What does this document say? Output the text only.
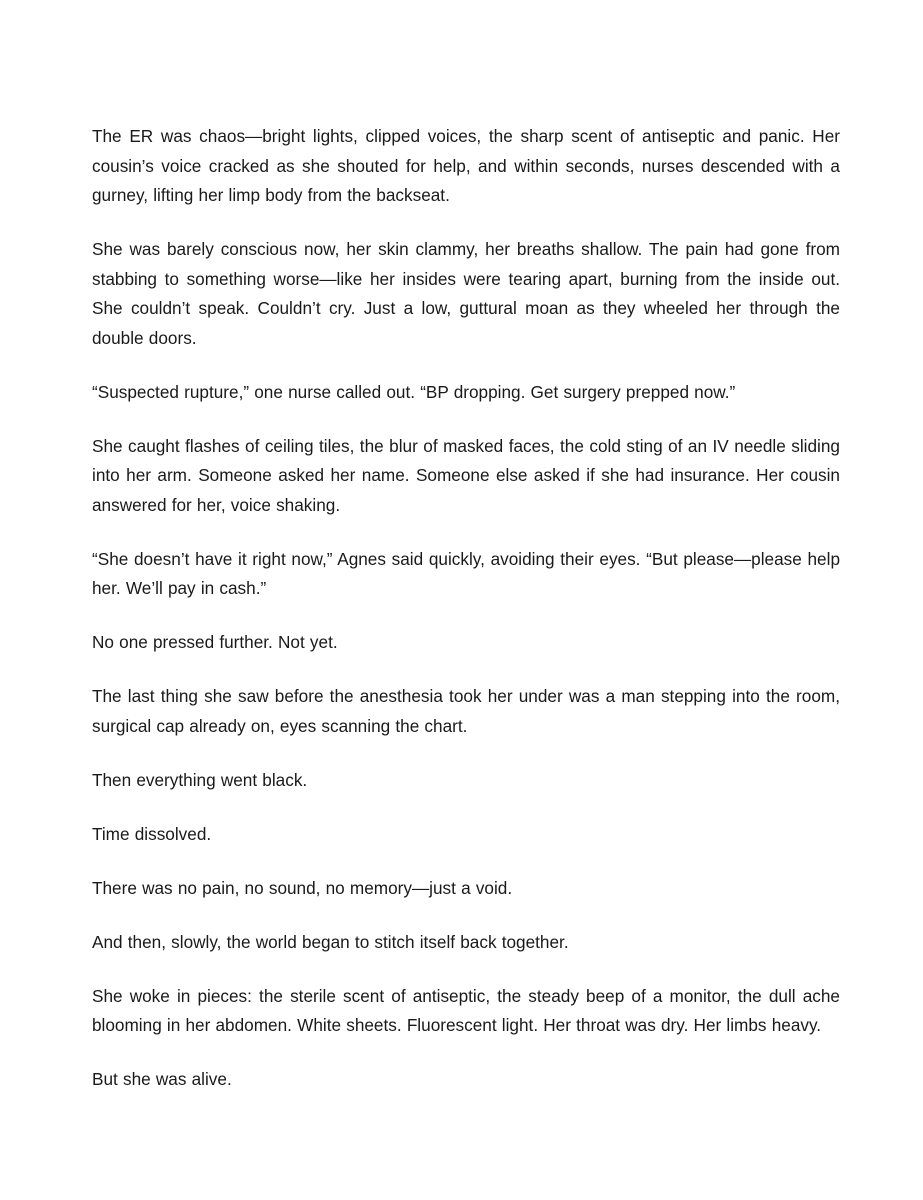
The ER was chaos—bright lights, clipped voices, the sharp scent of antiseptic and panic. Her cousin’s voice cracked as she shouted for help, and within seconds, nurses descended with a gurney, lifting her limp body from the backseat.

She was barely conscious now, her skin clammy, her breaths shallow. The pain had gone from stabbing to something worse—like her insides were tearing apart, burning from the inside out. She couldn’t speak. Couldn’t cry. Just a low, guttural moan as they wheeled her through the double doors.

“Suspected rupture,” one nurse called out. “BP dropping. Get surgery prepped now.”

She caught flashes of ceiling tiles, the blur of masked faces, the cold sting of an IV needle sliding into her arm. Someone asked her name. Someone else asked if she had insurance. Her cousin answered for her, voice shaking.

“She doesn’t have it right now,” Agnes said quickly, avoiding their eyes. “But please—please help her. We’ll pay in cash.”

No one pressed further. Not yet.

The last thing she saw before the anesthesia took her under was a man stepping into the room, surgical cap already on, eyes scanning the chart.

Then everything went black.

Time dissolved.

There was no pain, no sound, no memory—just a void.

And then, slowly, the world began to stitch itself back together.

She woke in pieces: the sterile scent of antiseptic, the steady beep of a monitor, the dull ache blooming in her abdomen. White sheets. Fluorescent light. Her throat was dry. Her limbs heavy.

But she was alive.
